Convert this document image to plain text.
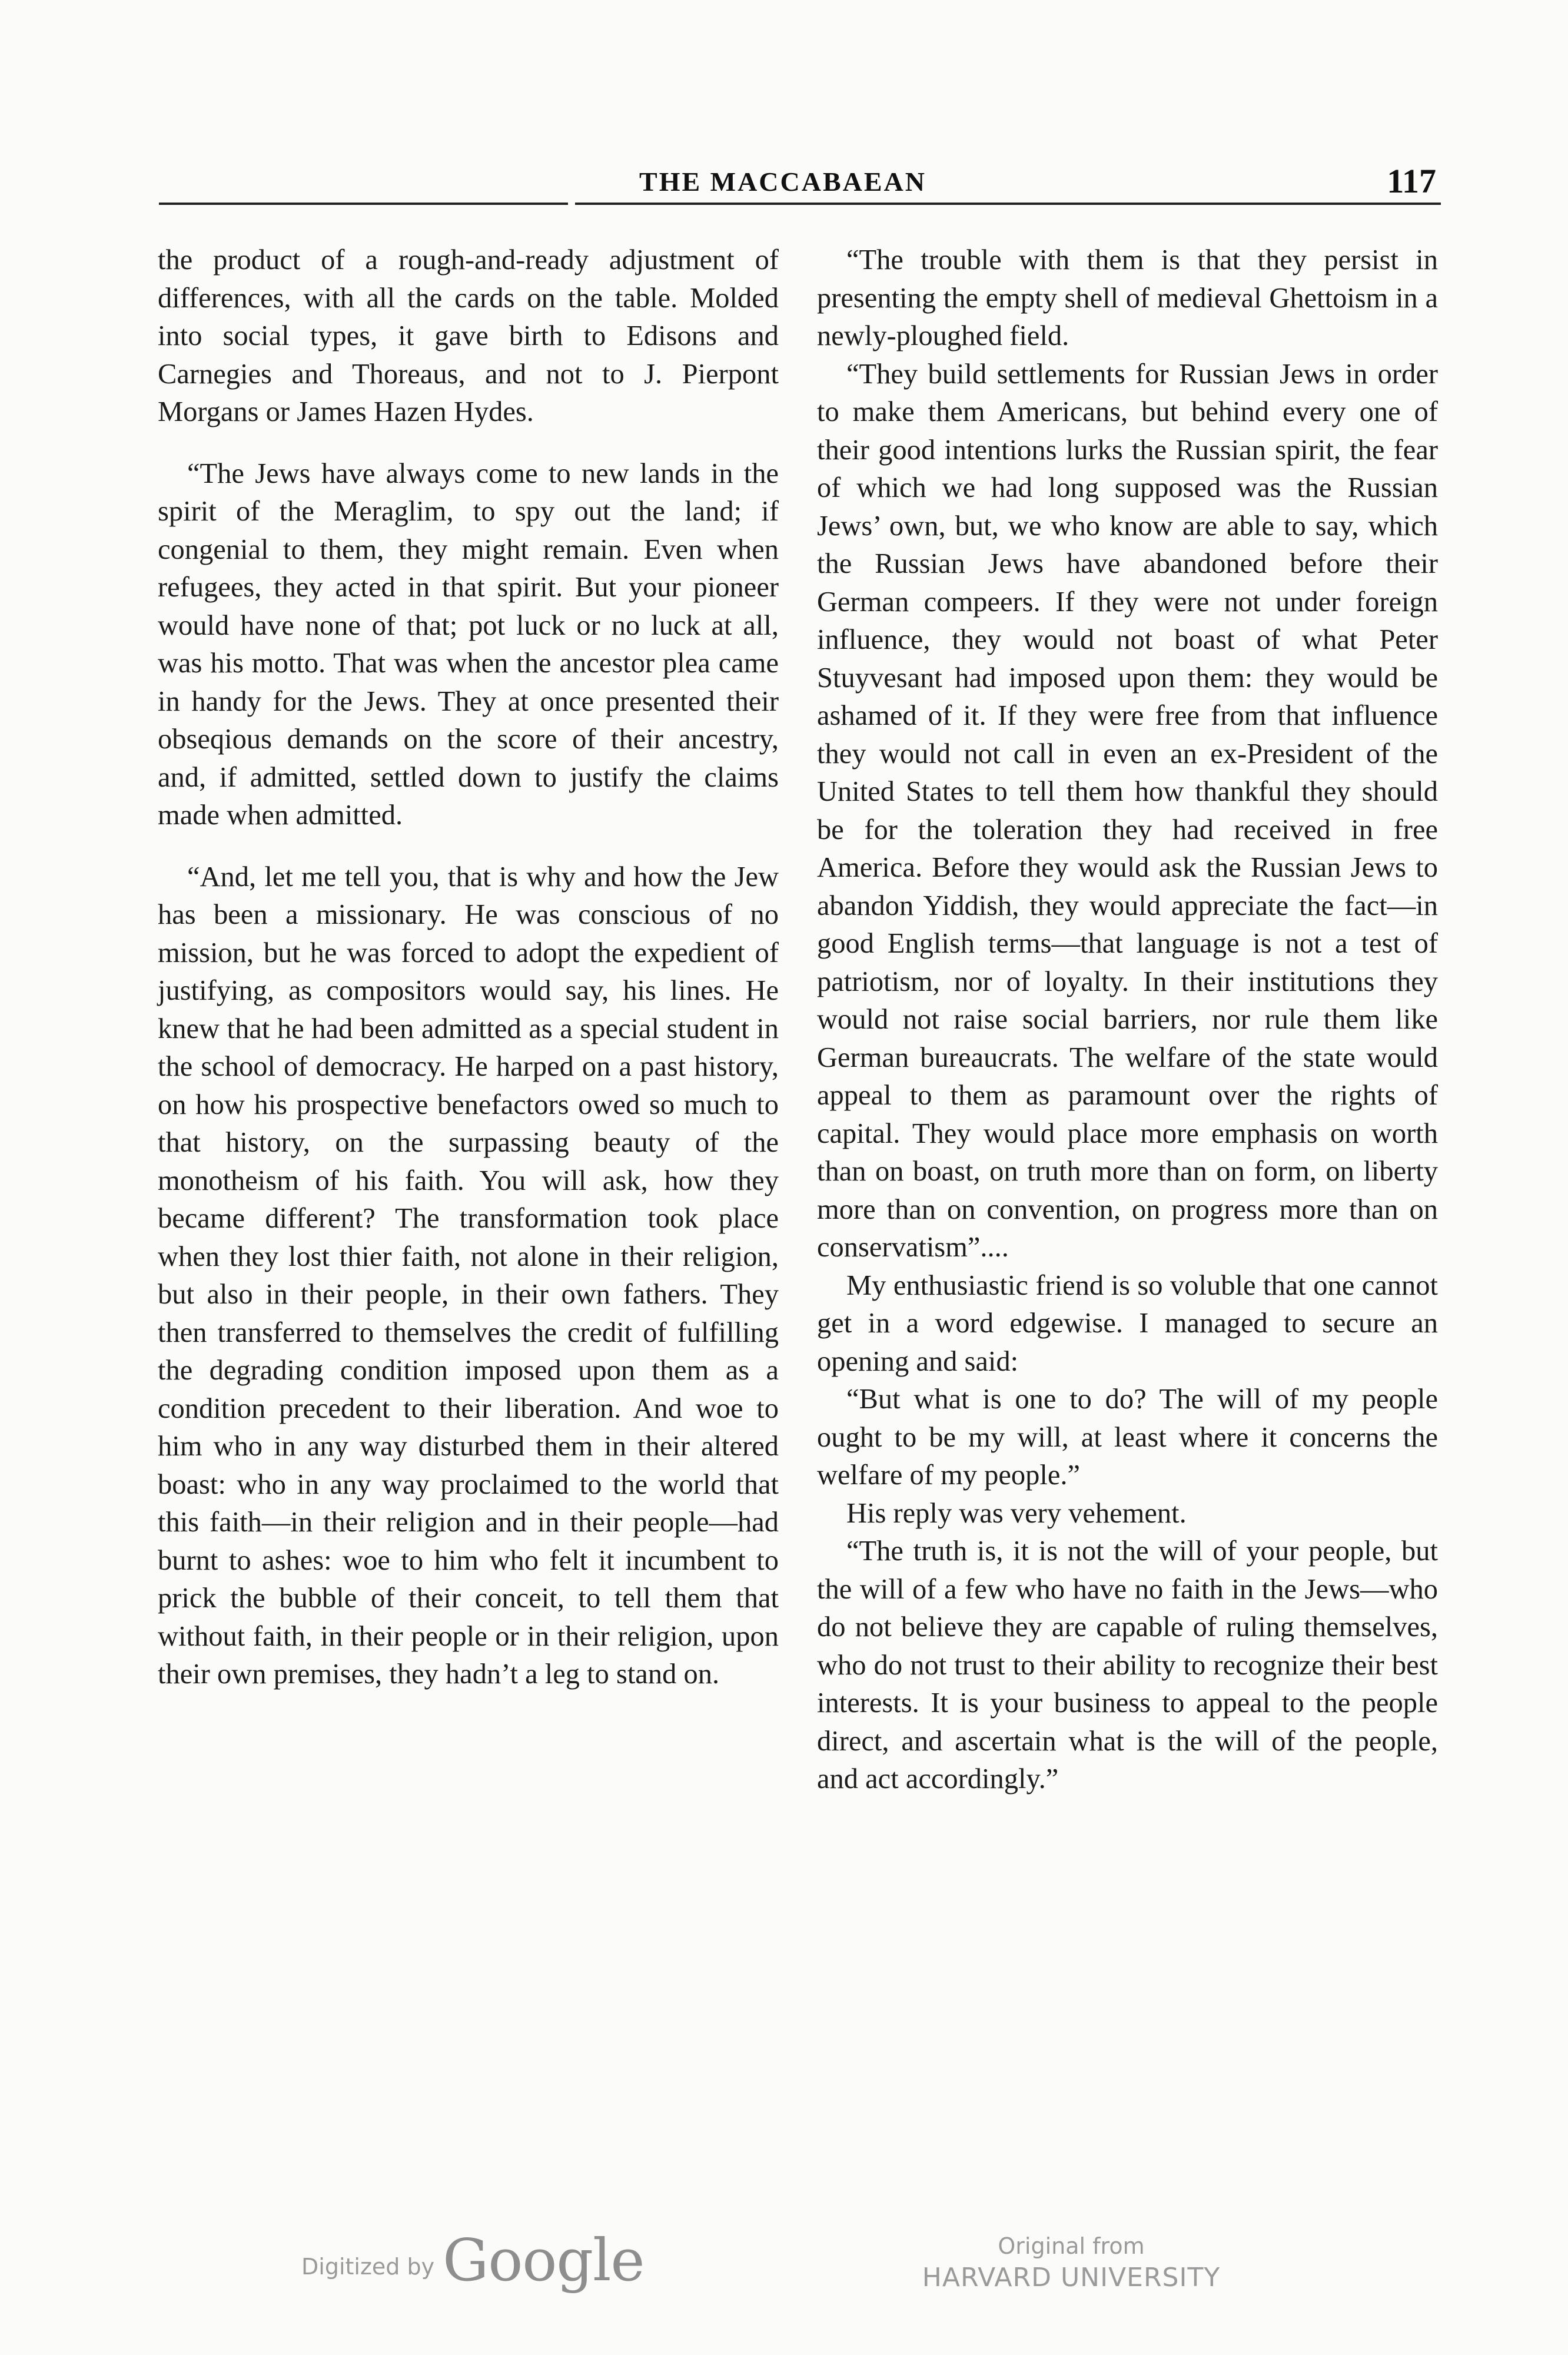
THE MACCABAEAN	117

the product of a rough-and-ready adjustment of differences, with all the cards on the table. Molded into social types, it gave birth to Edisons and Carnegies and Thoreaus, and not to J. Pierpont Morgans or James Hazen Hydes.

“The Jews have always come to new lands in the spirit of the Meraglim, to spy out the land; if congenial to them, they might remain. Even when refugees, they acted in that spirit. But your pioneer would have none of that; pot luck or no luck at all, was his motto. That was when the ancestor plea came in handy for the Jews. They at once presented their obseqious demands on the score of their ancestry, and, if admitted, settled down to justify the claims made when admitted.

“And, let me tell you, that is why and how the Jew has been a missionary. He was conscious of no mission, but he was forced to adopt the expedient of justifying, as compositors would say, his lines. He knew that he had been admitted as a special student in the school of democracy. He harped on a past history, on how his prospective benefactors owed so much to that history, on the surpassing beauty of the monotheism of his faith. You will ask, how they became different? The transformation took place when they lost thier faith, not alone in their religion, but also in their people, in their own fathers. They then transferred to themselves the credit of fulfilling the degrading condition imposed upon them as a condition precedent to their liberation. And woe to him who in any way disturbed them in their altered boast: who in any way proclaimed to the world that this faith—in their religion and in their people—had burnt to ashes: woe to him who felt it incumbent to prick the bubble of their conceit, to tell them that without faith, in their people or in their religion, upon their own premises, they hadn’t a leg to stand on.

“The trouble with them is that they persist in presenting the empty shell of medieval Ghettoism in a newly-ploughed field.

“They build settlements for Russian Jews in order to make them Americans, but behind every one of their good intentions lurks the Russian spirit, the fear of which we had long supposed was the Russian Jews’ own, but, we who know are able to say, which the Russian Jews have abandoned before their German compeers. If they were not under foreign influence, they would not boast of what Peter Stuyvesant had imposed upon them: they would be ashamed of it. If they were free from that influence they would not call in even an ex-President of the United States to tell them how thankful they should be for the toleration they had received in free America. Before they would ask the Russian Jews to abandon Yiddish, they would appreciate the fact—in good English terms—that language is not a test of patriotism, nor of loyalty. In their institutions they would not raise social barriers, nor rule them like German bureaucrats. The welfare of the state would appeal to them as paramount over the rights of capital. They would place more emphasis on worth than on boast, on truth more than on form, on liberty more than on convention, on progress more than on conservatism”....

My enthusiastic friend is so voluble that one cannot get in a word edgewise. I managed to secure an opening and said:

“But what is one to do? The will of my people ought to be my will, at least where it concerns the welfare of my people.”

His reply was very vehement.

“The truth is, it is not the will of your people, but the will of a few who have no faith in the Jews—who do not believe they are capable of ruling themselves, who do not trust to their ability to recognize their best interests. It is your business to appeal to the people direct, and ascertain what is the will of the people, and act accordingly.”

Digitized by Google	Original from
HARVARD UNIVERSITY
